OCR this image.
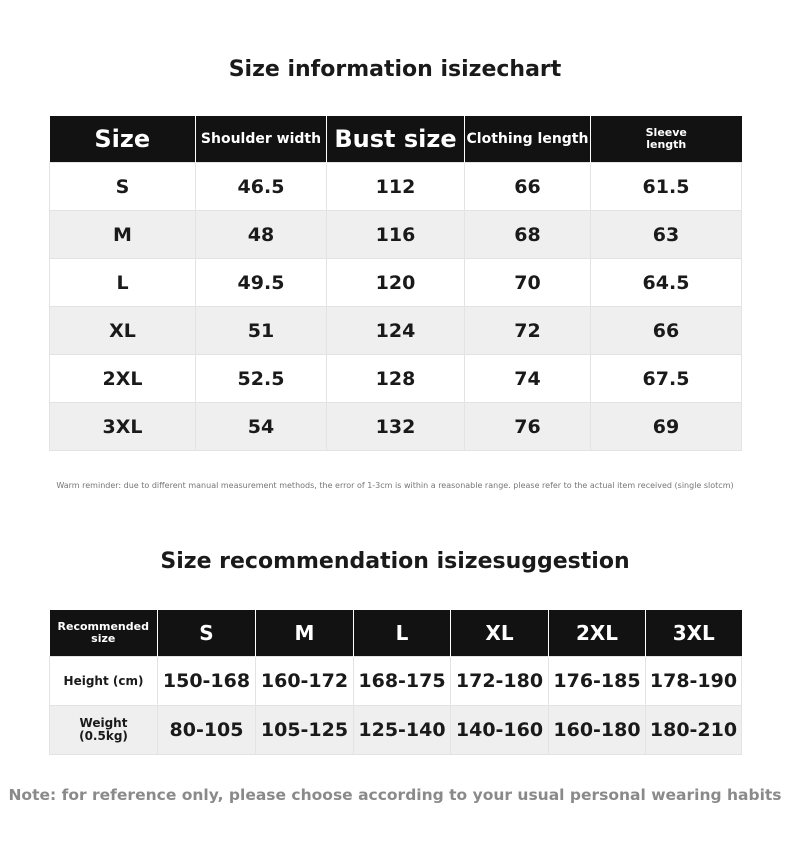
Size information isizechart
Size	Shoulder width	Bust size	Clothing length	Sleeve
length
S	46.5	112	66	61.5
M	48	116	68	63
L	49.5	120	70	64.5
XL	51	124	72	66
2XL	52.5	128	74	67.5
3XL	54	132	76	69
Warm reminder: due to different manual measurement methods, the error of 1-3cm is within a reasonable range. please refer to the actual item received (single slotcm)
Size recommendation isizesuggestion
Recommended
size	S	M	L	XL	2XL	3XL
Height (cm)	150-168	160-172	168-175	172-180	176-185	178-190
Weight
(0.5kg)	80-105	105-125	125-140	140-160	160-180	180-210
Note: for reference only, please choose according to your usual personal wearing habits
